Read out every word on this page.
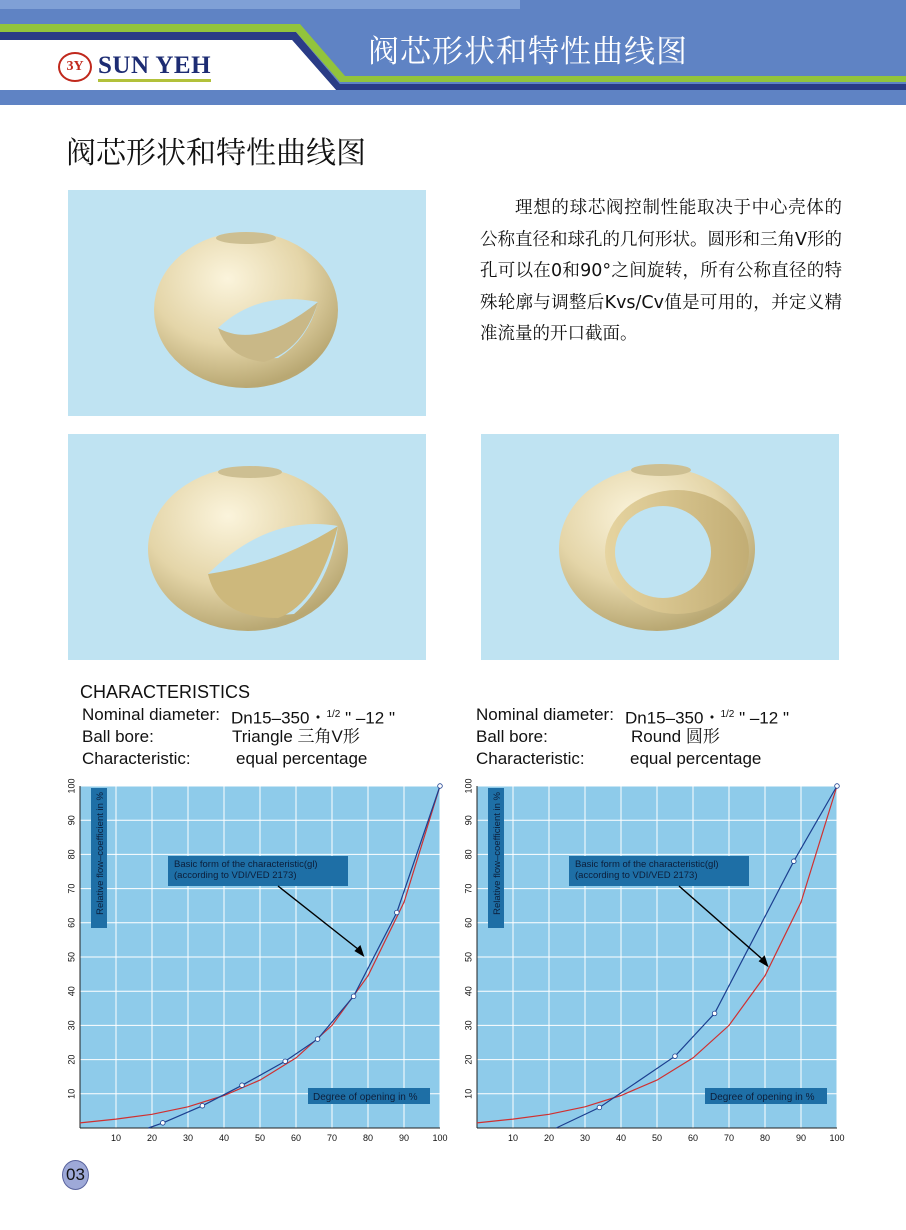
3Y SUN YEH	阀芯形状和特性曲线图
阀芯形状和特性曲线图
理想的球芯阀控制性能取决于中心壳体的公称直径和球孔的几何形状。圆形和三角V形的孔可以在0和90°之间旋转，所有公称直径的特殊轮廓与调整后Kvs/Cv值是可用的，并定义精准流量的开口截面。
CHARACTERISTICS
Nominal diameter: Dn15–350・$^{1/2}$ " –12 "
Ball bore:	Triangle 三角V形
Characteristic:	equal percentage
Nominal diameter: Dn15–350・$^{1/2}$ " –12 "
Ball bore:	Round 圆形
Characteristic:	equal percentage
10	20	30	40	50	60	70	80	90	100
10
20
30
40
50
60
70
80
90
100
Relative flow–coefficient in %	Basic form of the characteristic(gl)
(according to VDI/VED 2173)
Degree of opening in %
10	20	30	40	50	60	70	80	90	100
10
20
30
40
50
60
70
80
90
100
Relative flow–coefficient in %	Basic form of the characteristic(gl)
(according to VDI/VED 2173)
Degree of opening in %
03
